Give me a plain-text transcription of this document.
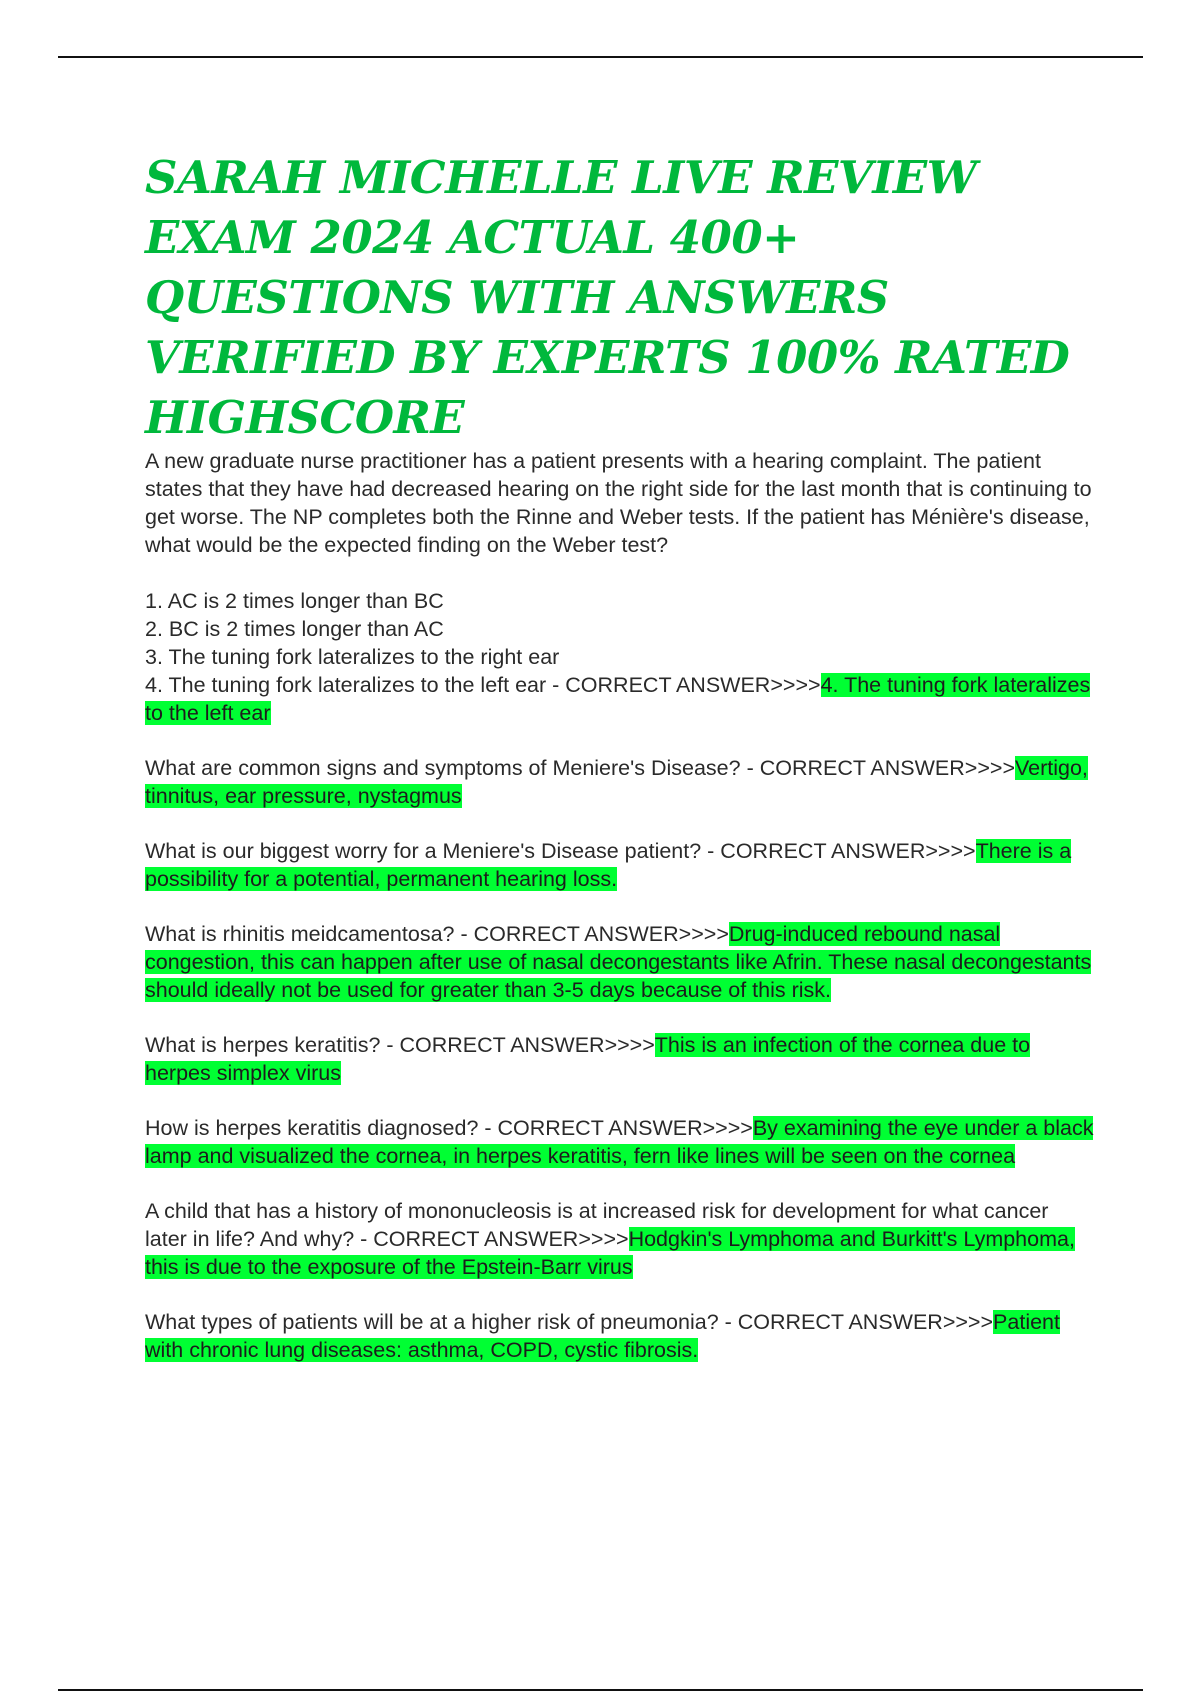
SARAH MICHELLE LIVE REVIEW EXAM 2024 ACTUAL 400+ QUESTIONS WITH ANSWERS VERIFIED BY EXPERTS 100% RATED HIGHSCORE

A new graduate nurse practitioner has a patient presents with a hearing complaint. The patient states that they have had decreased hearing on the right side for the last month that is continuing to get worse. The NP completes both the Rinne and Weber tests. If the patient has Ménière's disease, what would be the expected finding on the Weber test?

1. AC is 2 times longer than BC
2. BC is 2 times longer than AC
3. The tuning fork lateralizes to the right ear
4. The tuning fork lateralizes to the left ear - CORRECT ANSWER>>>>4. The tuning fork lateralizes to the left ear

What are common signs and symptoms of Meniere's Disease? - CORRECT ANSWER>>>>Vertigo, tinnitus, ear pressure, nystagmus

What is our biggest worry for a Meniere's Disease patient? - CORRECT ANSWER>>>>There is a possibility for a potential, permanent hearing loss.

What is rhinitis meidcamentosa? - CORRECT ANSWER>>>>Drug-induced rebound nasal congestion, this can happen after use of nasal decongestants like Afrin. These nasal decongestants should ideally not be used for greater than 3-5 days because of this risk.

What is herpes keratitis? - CORRECT ANSWER>>>>This is an infection of the cornea due to herpes simplex virus

How is herpes keratitis diagnosed? - CORRECT ANSWER>>>>By examining the eye under a black lamp and visualized the cornea, in herpes keratitis, fern like lines will be seen on the cornea

A child that has a history of mononucleosis is at increased risk for development for what cancer later in life? And why? - CORRECT ANSWER>>>>Hodgkin's Lymphoma and Burkitt's Lymphoma, this is due to the exposure of the Epstein-Barr virus

What types of patients will be at a higher risk of pneumonia? - CORRECT ANSWER>>>>Patient with chronic lung diseases: asthma, COPD, cystic fibrosis.
